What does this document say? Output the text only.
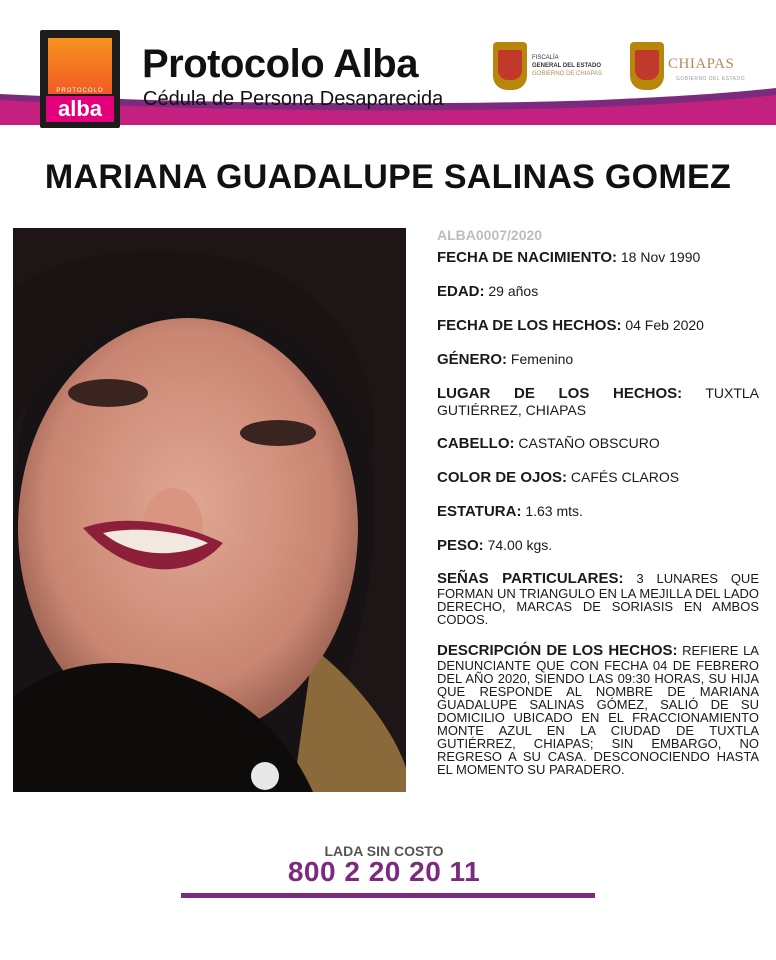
PROTOCOLO
alba
Protocolo Alba
Cédula de Persona Desaparecida
FISCALÍA
GENERAL DEL ESTADO
GOBIERNO DE CHIAPAS
CHIAPAS
GOBIERNO DEL ESTADO
MARIANA GUADALUPE SALINAS GOMEZ
ALBA0007/2020
FECHA DE NACIMIENTO: 18 Nov 1990
EDAD: 29 años
FECHA DE LOS HECHOS: 04 Feb 2020
GÉNERO: Femenino
LUGAR DE LOS HECHOS: TUXTLA GUTIÉRREZ, CHIAPAS
CABELLO: CASTAÑO OBSCURO
COLOR DE OJOS: CAFÉS CLAROS
ESTATURA: 1.63 mts.
PESO: 74.00 kgs.
SEÑAS PARTICULARES: 3 LUNARES QUE FORMAN UN TRIANGULO EN LA MEJILLA DEL LADO DERECHO, MARCAS DE SORIASIS EN AMBOS CODOS.
DESCRIPCIÓN DE LOS HECHOS: REFIERE LA DENUNCIANTE QUE CON FECHA 04 DE FEBRERO DEL AÑO 2020, SIENDO LAS 09:30 HORAS, SU HIJA QUE RESPONDE AL NOMBRE DE MARIANA GUADALUPE SALINAS GÓMEZ, SALIÓ DE SU DOMICILIO UBICADO EN EL FRACCIONAMIENTO MONTE AZUL EN LA CIUDAD DE TUXTLA GUTIÉRREZ, CHIAPAS; SIN EMBARGO, NO REGRESO A SU CASA. DESCONOCIENDO HASTA EL MOMENTO SU PARADERO.
LADA SIN COSTO
800 2 20 20 11
